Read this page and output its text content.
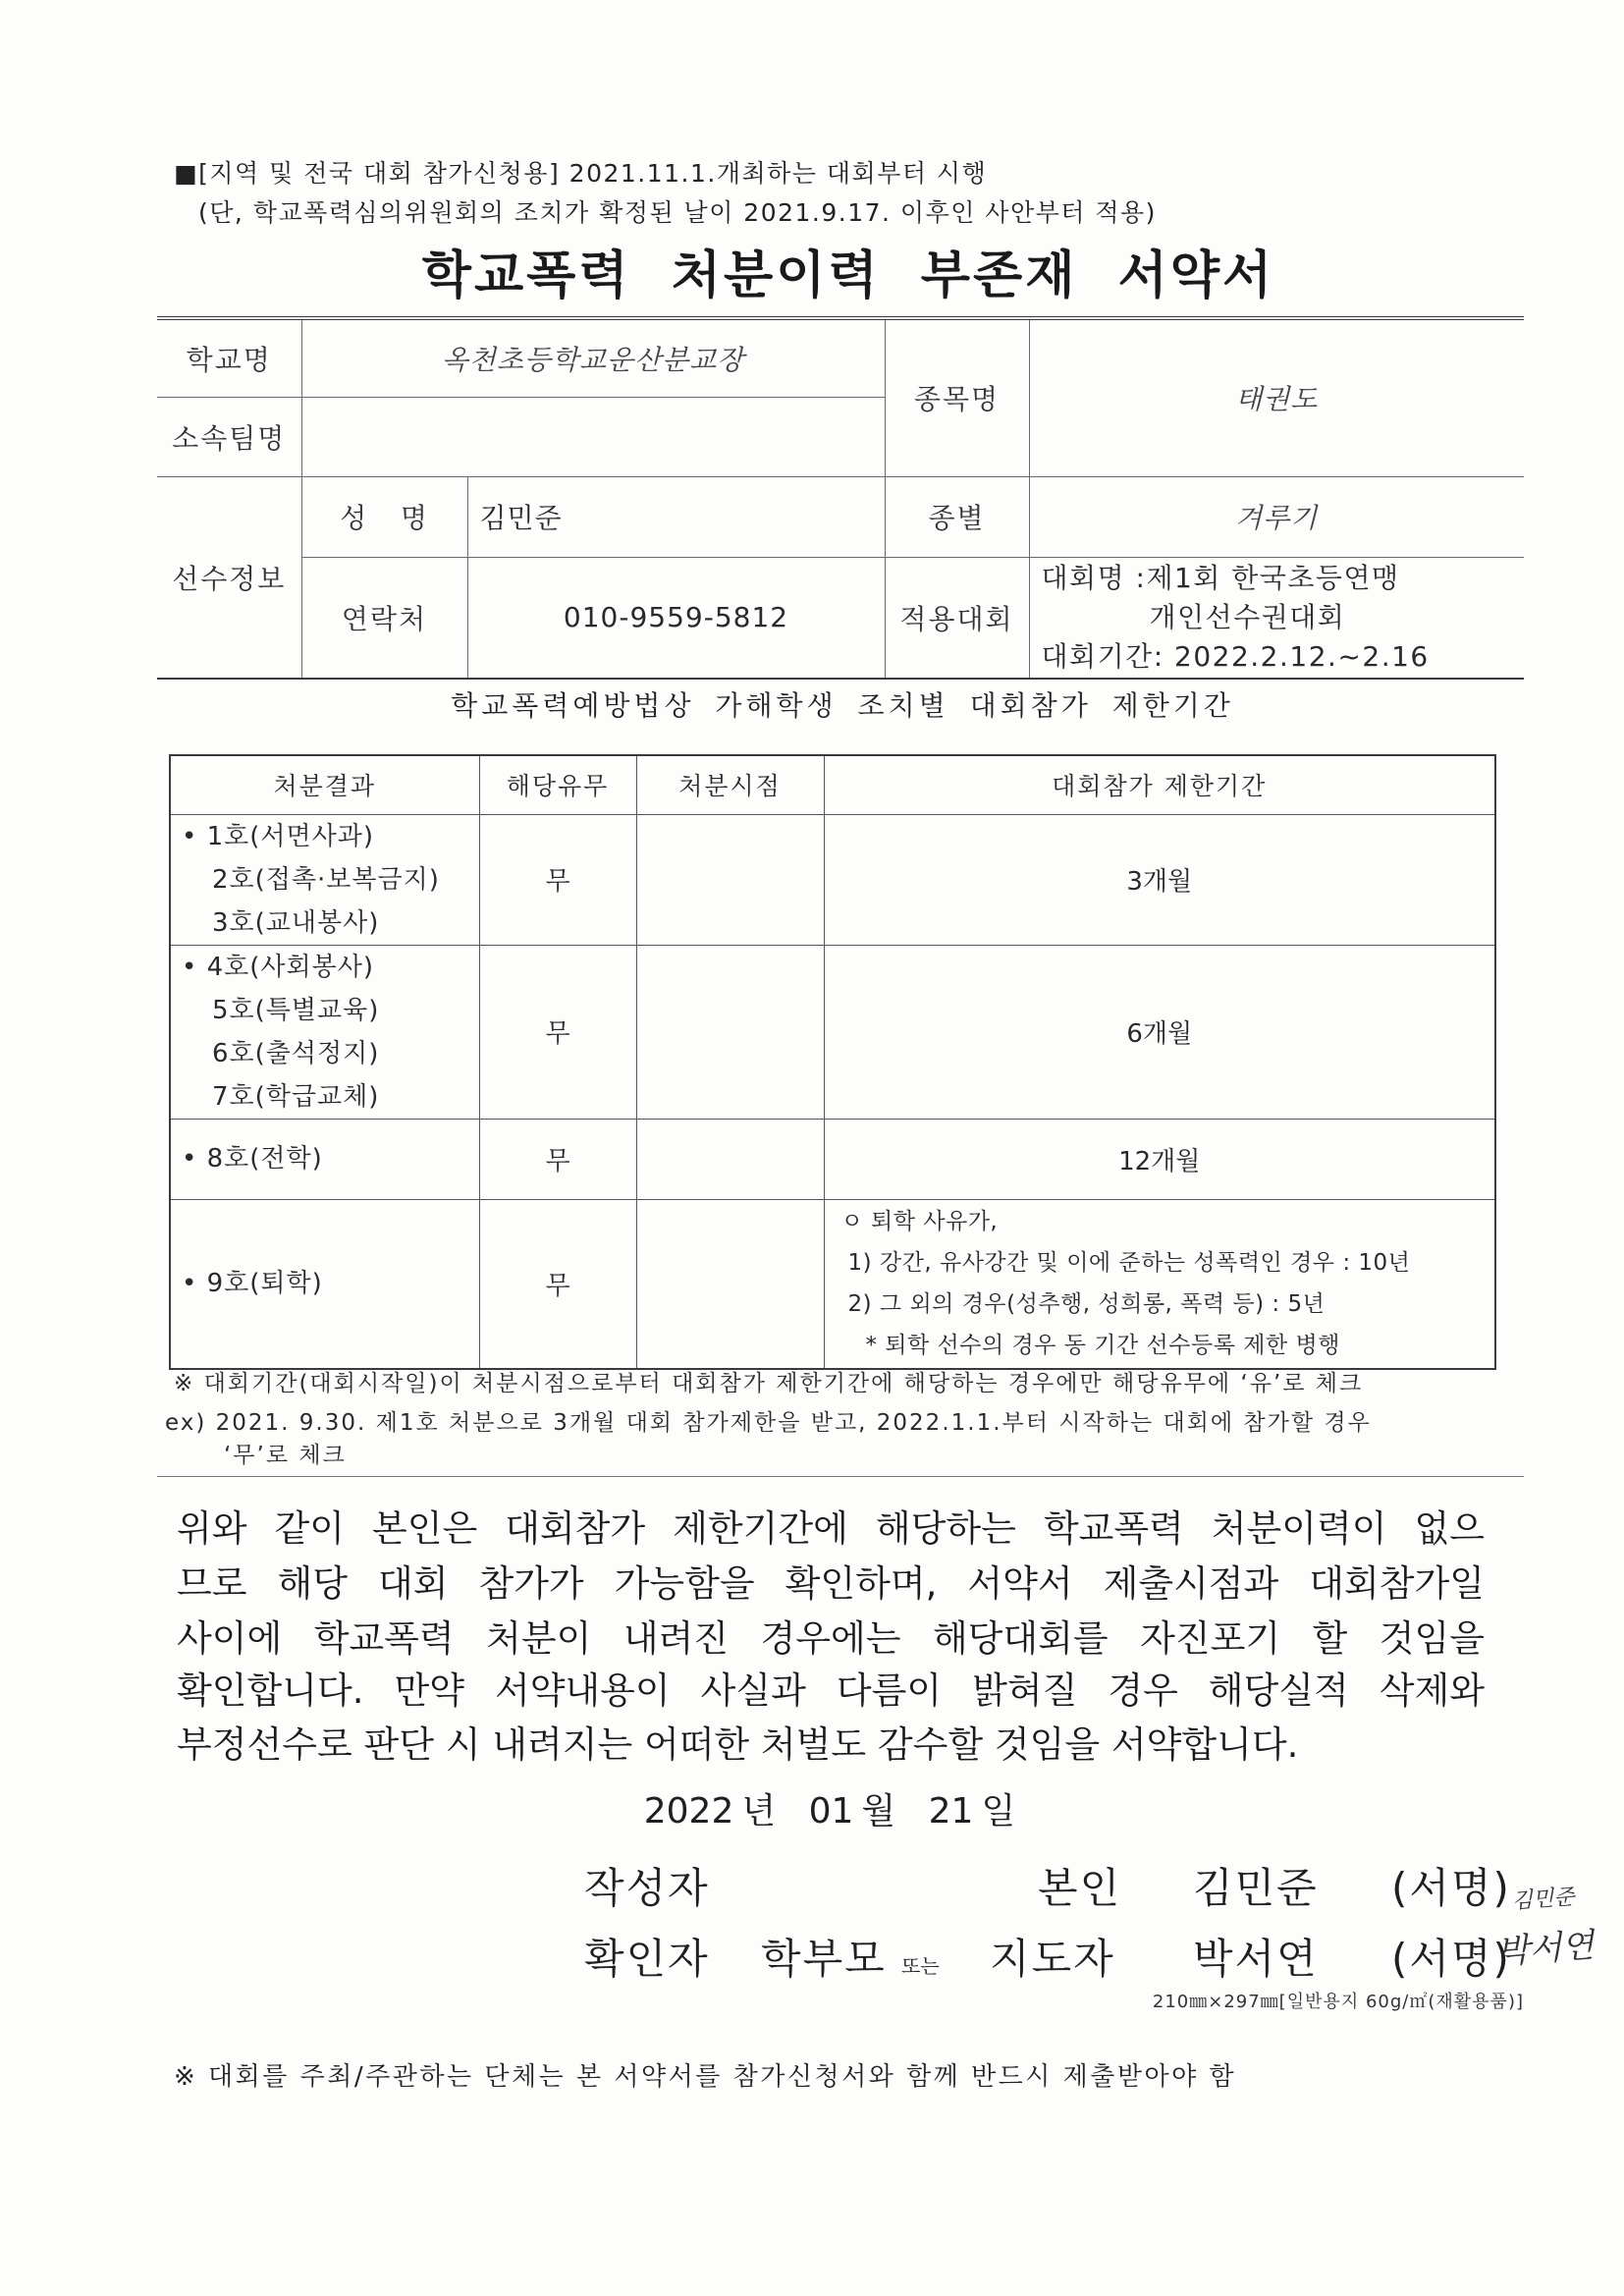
■[지역 및 전국 대회 참가신청용] 2021.11.1.개최하는 대회부터 시행
(단, 학교폭력심의위원회의 조치가 확정된 날이 2021.9.17. 이후인 사안부터 적용)
학교폭력 처분이력 부존재 서약서
학교명	옥천초등학교운산분교장		종목명	태권도
소속팀명				
선수정보	성   명	김민준	종별	겨루기
	연락처	010-9559-5812	적용대회	대회명 :제1회 한국초등연맹
개인선수권대회
대회기간: 2022.2.12.~2.16
학교폭력예방법상 가해학생 조치별 대회참가 제한기간
처분결과	해당유무	처분시점	대회참가 제한기간

• 1호(서면사과)
2호(접촉·보복금지)
3호(교내봉사)	무		3개월

• 4호(사회봉사)
5호(특별교육)
6호(출석정지)
7호(학급교체)	무		6개월

• 8호(전학)	무		12개월

• 9호(퇴학)	무		ㅇ 퇴학 사유가,
1) 강간, 유사강간 및 이에 준하는 성폭력인 경우 : 10년
2) 그 외의 경우(성추행, 성희롱, 폭력 등) : 5년
* 퇴학 선수의 경우 동 기간 선수등록 제한 병행
※ 대회기간(대회시작일)이 처분시점으로부터 대회참가 제한기간에 해당하는 경우에만 해당유무에 ‘유’로 체크
ex) 2021. 9.30. 제1호 처분으로 3개월 대회 참가제한을 받고, 2022.1.1.부터 시작하는 대회에 참가할 경우
‘무’로 체크
위와 같이 본인은 대회참가 제한기간에 해당하는 학교폭력 처분이력이 없으
므로 해당 대회 참가가 가능함을 확인하며, 서약서 제출시점과 대회참가일
사이에 학교폭력 처분이 내려진 경우에는 해당대회를 자진포기 할 것임을
확인합니다. 만약 서약내용이 사실과 다름이 밝혀질 경우 해당실적 삭제와
부정선수로 판단 시 내려지는 어떠한 처벌도 감수할 것임을 서약합니다.
2022 년 01 월 21 일
작성자	본인 김민준 (서명) 김민준
확인자 학부모 또는 지도자 박서연 (서명)
박서연
210㎜×297㎜[일반용지 60g/㎡(재활용품)]
※ 대회를 주최/주관하는 단체는 본 서약서를 참가신청서와 함께 반드시 제출받아야 함
